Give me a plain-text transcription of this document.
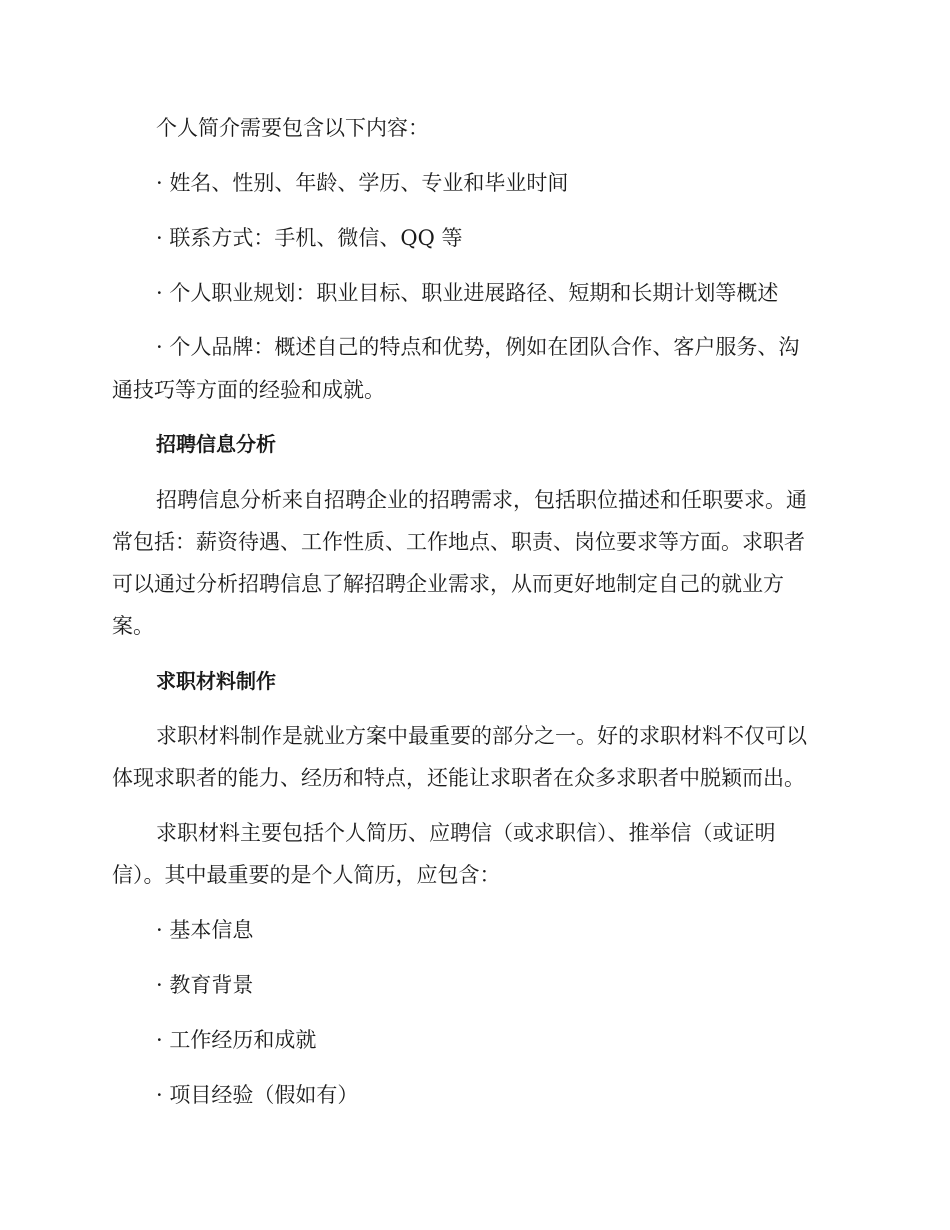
个人简介需要包含以下内容：
· 姓名、性别、年龄、学历、专业和毕业时间
· 联系方式：手机、微信、QQ 等
· 个人职业规划：职业目标、职业进展路径、短期和长期计划等概述
· 个人品牌：概述自己的特点和优势，例如在团队合作、客户服务、沟
通技巧等方面的经验和成就。
招聘信息分析
招聘信息分析来自招聘企业的招聘需求，包括职位描述和任职要求。通
常包括：薪资待遇、工作性质、工作地点、职责、岗位要求等方面。求职者
可以通过分析招聘信息了解招聘企业需求，从而更好地制定自己的就业方
案。
求职材料制作
求职材料制作是就业方案中最重要的部分之一。好的求职材料不仅可以
体现求职者的能力、经历和特点，还能让求职者在众多求职者中脱颖而出。
求职材料主要包括个人简历、应聘信（或求职信）、推举信（或证明
信）。其中最重要的是个人简历，应包含：
· 基本信息
· 教育背景
· 工作经历和成就
· 项目经验（假如有）
